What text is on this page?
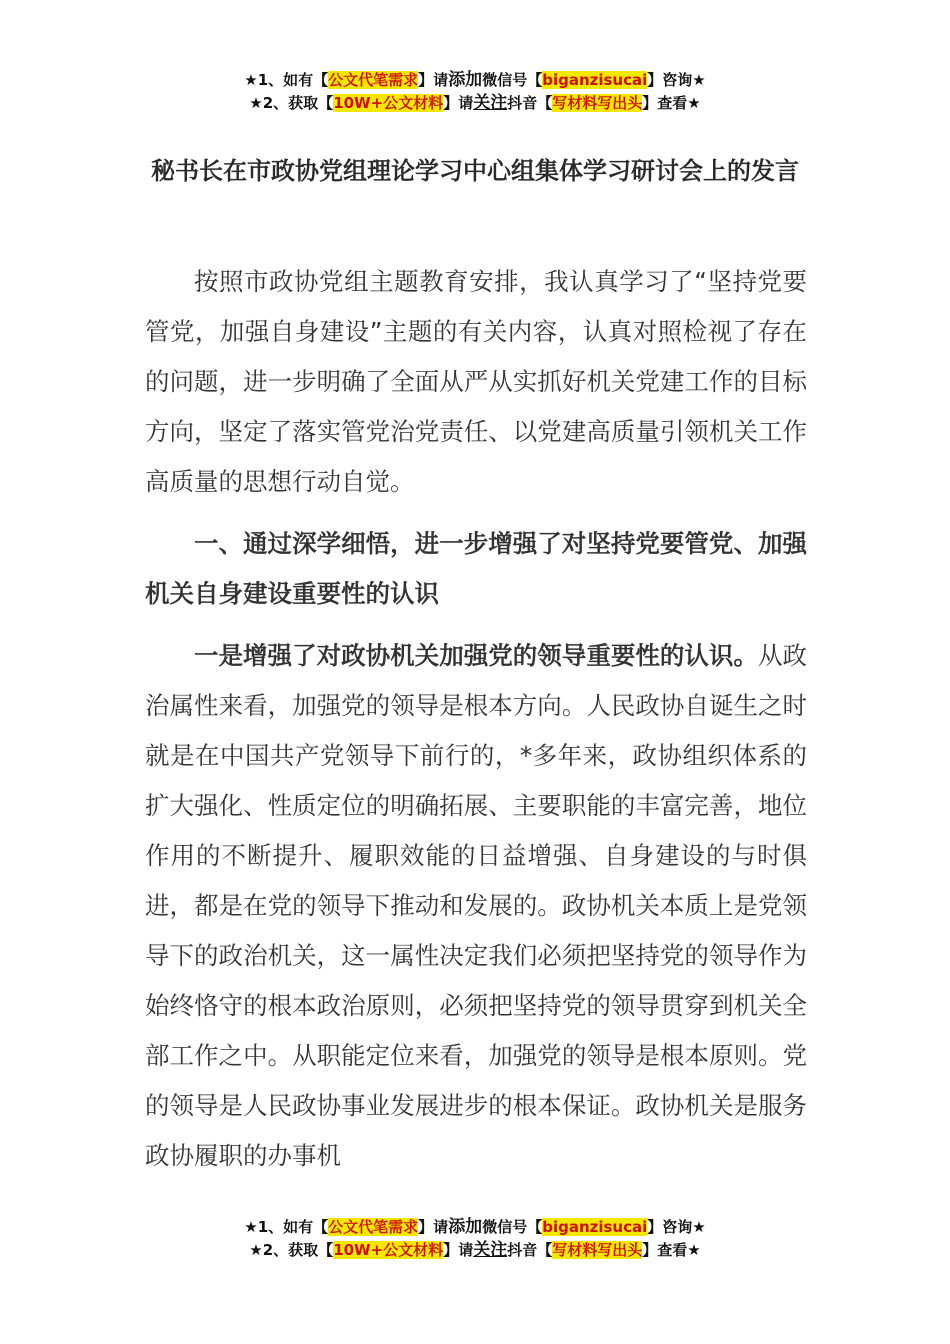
★1、如有【公文代笔需求】请添加微信号【biganzisucai】咨询★
★2、获取【10W+公文材料】请关注抖音【写材料写出头】查看★
秘书长在市政协党组理论学习中心组集体学习研讨会上的发言

按照市政协党组主题教育安排，我认真学习了“坚持党要管党，加强自身建设”主题的有关内容，认真对照检视了存在的问题，进一步明确了全面从严从实抓好机关党建工作的目标方向，坚定了落实管党治党责任、以党建高质量引领机关工作高质量的思想行动自觉。

一、通过深学细悟，进一步增强了对坚持党要管党、加强机关自身建设重要性的认识

一是增强了对政协机关加强党的领导重要性的认识。从政治属性来看，加强党的领导是根本方向。人民政协自诞生之时就是在中国共产党领导下前行的，*多年来，政协组织体系的扩大强化、性质定位的明确拓展、主要职能的丰富完善，地位作用的不断提升、履职效能的日益增强、自身建设的与时俱进，都是在党的领导下推动和发展的。政协机关本质上是党领导下的政治机关，这一属性决定我们必须把坚持党的领导作为始终恪守的根本政治原则，必须把坚持党的领导贯穿到机关全部工作之中。从职能定位来看，加强党的领导是根本原则。党的领导是人民政协事业发展进步的根本保证。政协机关是服务政协履职的办事机

★1、如有【公文代笔需求】请添加微信号【biganzisucai】咨询★
★2、获取【10W+公文材料】请关注抖音【写材料写出头】查看★
